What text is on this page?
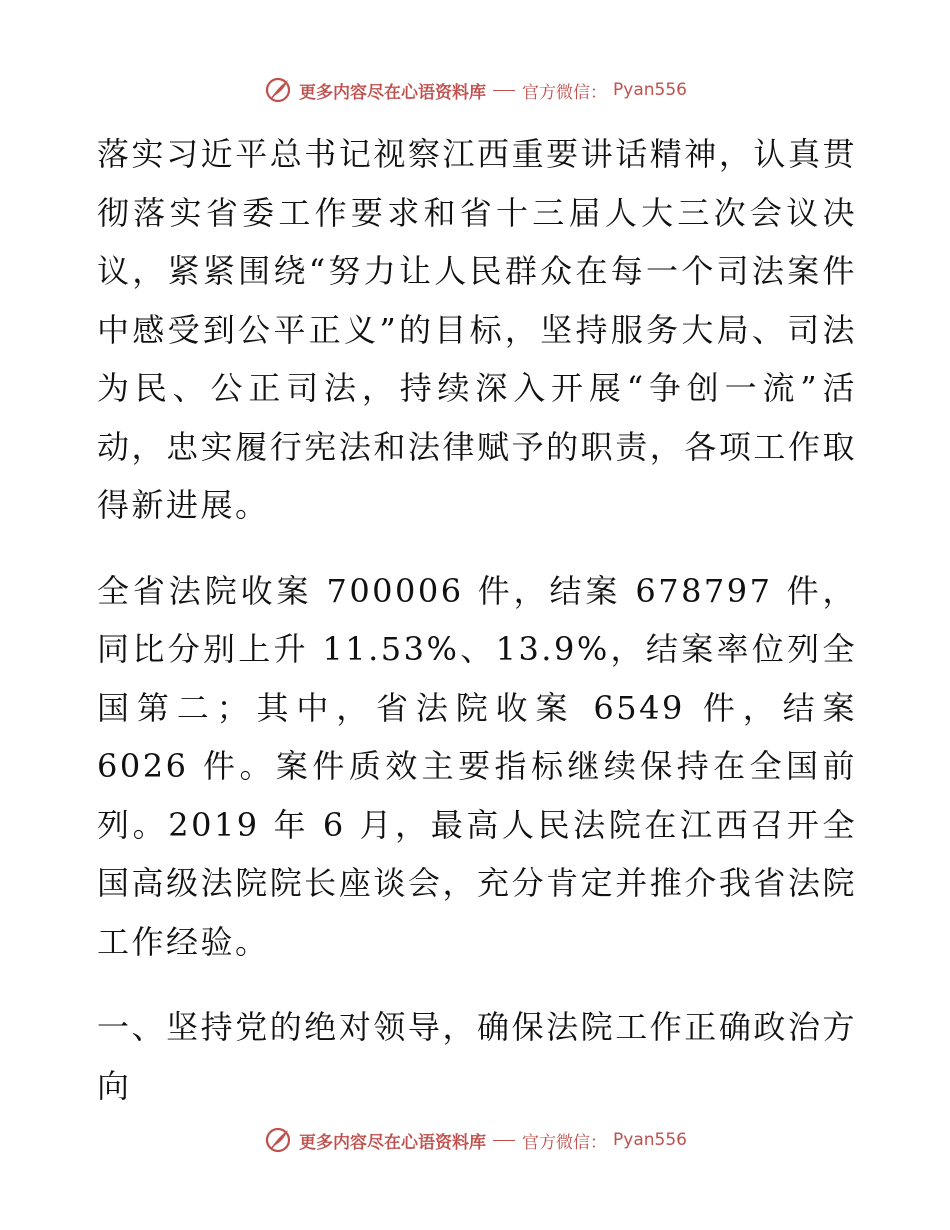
更多内容尽在心语资料库 官方微信： Pyan556

落实习近平总书记视察江西重要讲话精神，认真贯彻落实省委工作要求和省十三届人大三次会议决议，紧紧围绕“努力让人民群众在每一个司法案件中感受到公平正义”的目标，坚持服务大局、司法为民、公正司法，持续深入开展“争创一流”活动，忠实履行宪法和法律赋予的职责，各项工作取得新进展。

全省法院收案 700006 件，结案 678797 件，同比分别上升 11.53%、13.9%，结案率位列全国第二；其中，省法院收案 6549 件，结案 6026 件。案件质效主要指标继续保持在全国前列。2019 年 6 月，最高人民法院在江西召开全国高级法院院长座谈会，充分肯定并推介我省法院工作经验。

一、坚持党的绝对领导，确保法院工作正确政治方向

更多内容尽在心语资料库 官方微信： Pyan556
